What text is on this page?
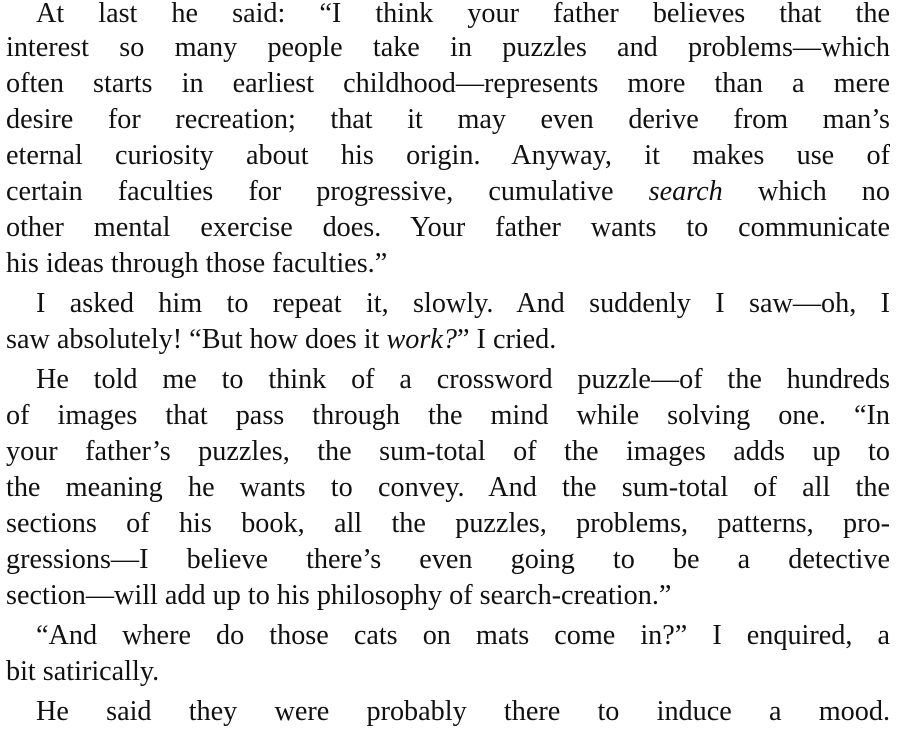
At last he said: “I think your father believes that the
interest so many people take in puzzles and problems—which
often starts in earliest childhood—represents more than a mere
desire for recreation; that it may even derive from man’s
eternal curiosity about his origin. Anyway, it makes use of
certain faculties for progressive, cumulative search which no
other mental exercise does. Your father wants to communicate
his ideas through those faculties.”
I asked him to repeat it, slowly. And suddenly I saw—oh, I
saw absolutely! “But how does it work?” I cried.
He told me to think of a crossword puzzle—of the hundreds
of images that pass through the mind while solving one. “In
your father’s puzzles, the sum-total of the images adds up to
the meaning he wants to convey. And the sum-total of all the
sections of his book, all the puzzles, problems, patterns, pro-
gressions—I believe there’s even going to be a detective
section—will add up to his philosophy of search-creation.”
“And where do those cats on mats come in?” I enquired, a
bit satirically.
He said they were probably there to induce a mood.
